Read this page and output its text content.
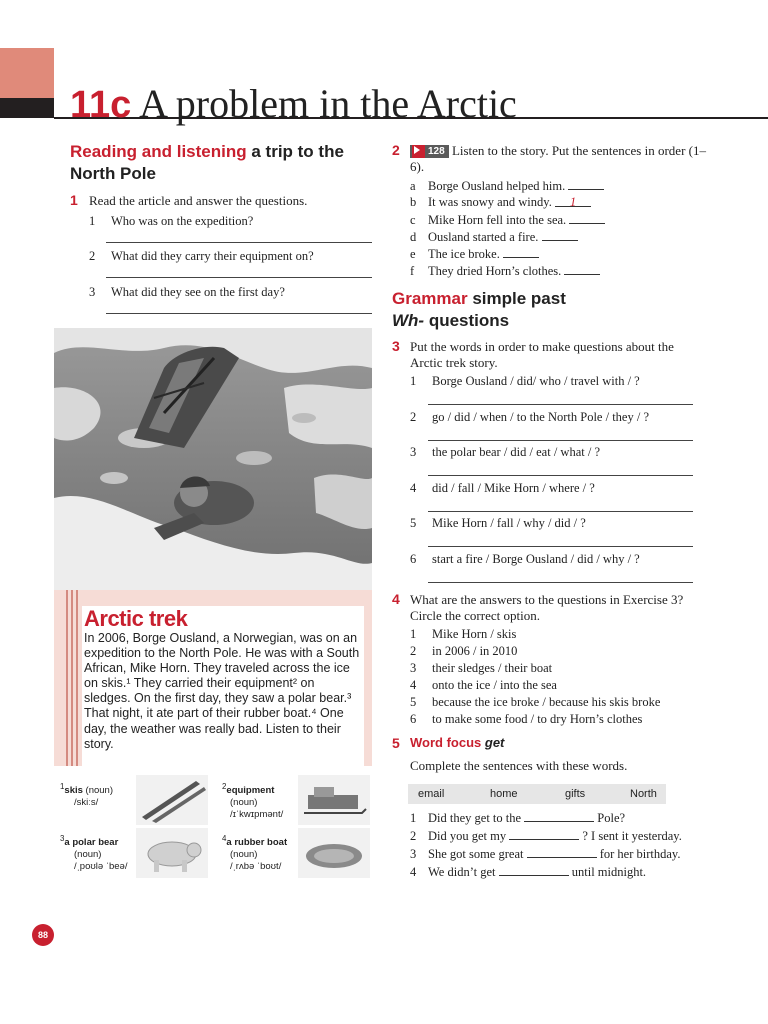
11c A problem in the Arctic
Reading and listening a trip to the North Pole
1 Read the article and answer the questions.
1 Who was on the expedition?
2 What did they carry their equipment on?
3 What did they see on the first day?
Arctic trek
In 2006, Borge Ousland, a Norwegian, was on an expedition to the North Pole. He was with a South African, Mike Horn. They traveled across the ice on skis.¹ They carried their equipment² on sledges. On the first day, they saw a polar bear.³ That night, it ate part of their rubber boat.⁴ One day, the weather was really bad. Listen to their story.
$^1$skis (noun)
/skiːs/
$^2$equipment
(noun)
/ɪˈkwɪpmənt/
$^3$a polar bear
(noun)
/ˌpoʊlə ˈbeə/
$^4$a rubber boat
(noun)
/ˌrʌbə ˈboʊt/
88
2	128 Listen to the story. Put the sentences in order (1–6).
a Borge Ousland helped him.
b It was snowy and windy. 1
c Mike Horn fell into the sea.
d Ousland started a fire.
e The ice broke.
f They dried Horn’s clothes.
Grammar simple past
Wh- questions
3 Put the words in order to make questions about the Arctic trek story.
1 Borge Ousland / did/ who / travel with / ?
2 go / did / when / to the North Pole / they / ?
3 the polar bear / did / eat / what / ?
4 did / fall / Mike Horn / where / ?
5 Mike Horn / fall / why / did / ?
6 start a fire / Borge Ousland / did / why / ?
4 What are the answers to the questions in Exercise 3? Circle the correct option.
1 Mike Horn / skis
2 in 2006 / in 2010
3 their sledges / their boat
4 onto the ice / into the sea
5 because the ice broke / because his skis broke
6 to make some food / to dry Horn’s clothes
5 Word focus get
Complete the sentences with these words.
email	home	gifts	North
1 Did they get to the	Pole?
2 Did you get my	? I sent it yesterday.
3 She got some great	for her birthday.
4 We didn’t get	until midnight.
